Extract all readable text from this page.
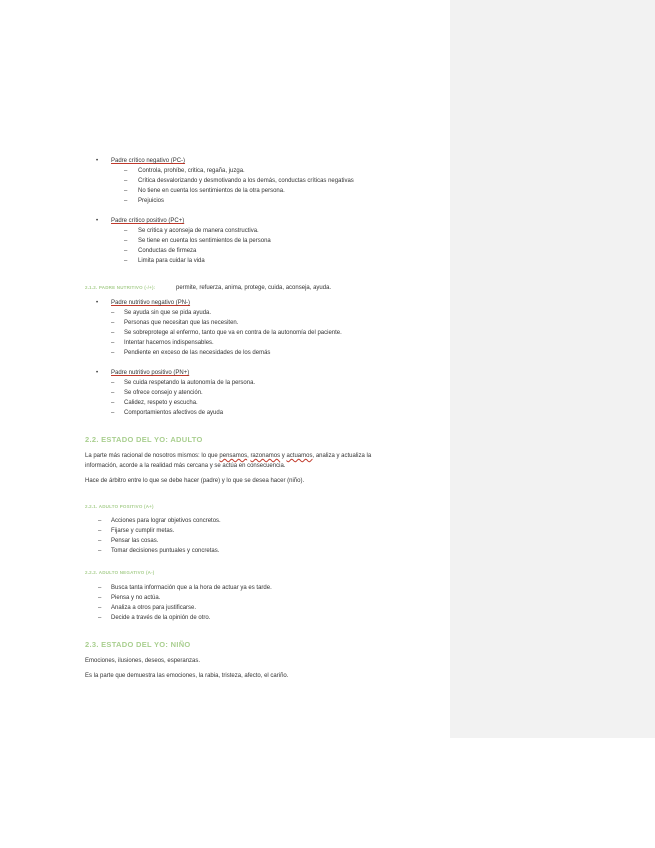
• Padre crítico negativo (PC-)
– Controla, prohíbe, critica, regaña, juzga.
– Crítica desvalorizando y desmotivando a los demás, conductas críticas negativas
– No tiene en cuenta los sentimientos de la otra persona.
– Prejuicios
• Padre crítico positivo (PC+)
– Se critica y aconseja de manera constructiva.
– Se tiene en cuenta los sentimientos de la persona
– Conductas de firmeza
– Limita para cuidar la vida
2.1.2. PADRE NUTRITIVO (-/+):	permite, refuerza, anima, protege, cuida, aconseja, ayuda.
• Padre nutritivo negativo (PN-)
– Se ayuda sin que se pida ayuda.
– Personas que necesitan que las necesiten.
– Se sobreprotege al enfermo, tanto que va en contra de la autonomía del paciente.
– Intentar hacernos indispensables.
– Pendiente en exceso de las necesidades de los demás
• Padre nutritivo positivo (PN+)
– Se cuida respetando la autonomía de la persona.
– Se ofrece consejo y atención.
– Calidez, respeto y escucha.
– Comportamientos afectivos de ayuda
2.2. ESTADO DEL YO: ADULTO
La parte más racional de nosotros mismos: lo que pensamos, razonamos y actuamos, analiza y actualiza la
información, acorde a la realidad más cercana y se actúa en consecuencia.
Hace de árbitro entre lo que se debe hacer (padre) y lo que se desea hacer (niño).
2.2.1. ADULTO POSITIVO (A+)
– Acciones para lograr objetivos concretos.
– Fijarse y cumplir metas.
– Pensar las cosas.
– Tomar decisiones puntuales y concretas.
2.2.2. ADULTO NEGATIVO (A-)
– Busca tanta información que a la hora de actuar ya es tarde.
– Piensa y no actúa.
– Analiza a otros para justificarse.
– Decide a través de la opinión de otro.
2.3. ESTADO DEL YO: NIÑO
Emociones, ilusiones, deseos, esperanzas.
Es la parte que demuestra las emociones, la rabia, tristeza, afecto, el cariño.
